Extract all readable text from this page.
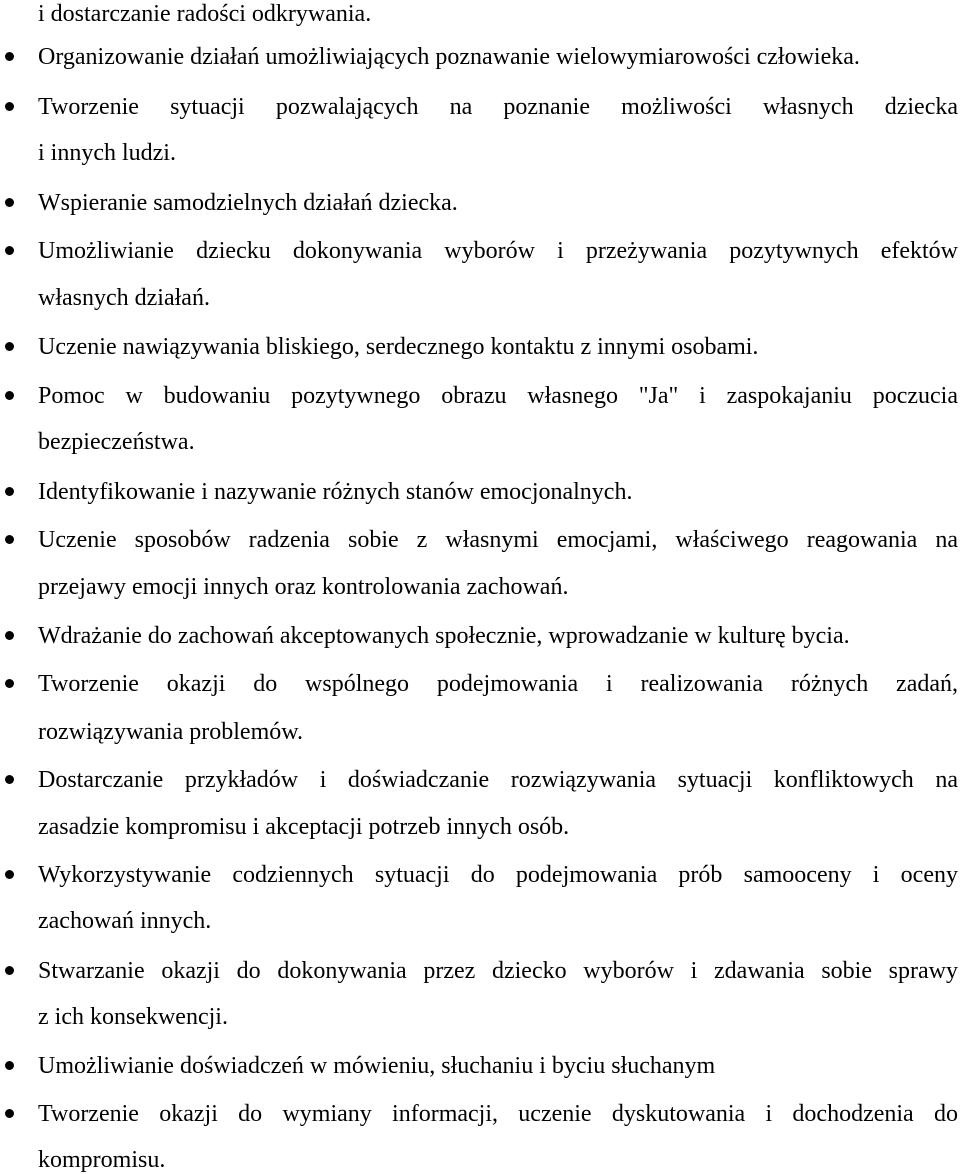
i dostarczanie radości odkrywania.
Organizowanie działań umożliwiających poznawanie wielowymiarowości człowieka.
Tworzenie sytuacji pozwalających na poznanie możliwości własnych dziecka
i innych ludzi.
Wspieranie samodzielnych działań dziecka.
Umożliwianie dziecku dokonywania wyborów i przeżywania pozytywnych efektów
własnych działań.
Uczenie nawiązywania bliskiego, serdecznego kontaktu z innymi osobami.
Pomoc w budowaniu pozytywnego obrazu własnego "Ja" i zaspokajaniu poczucia
bezpieczeństwa.
Identyfikowanie i nazywanie różnych stanów emocjonalnych.
Uczenie sposobów radzenia sobie z własnymi emocjami, właściwego reagowania na
przejawy emocji innych oraz kontrolowania zachowań.
Wdrażanie do zachowań akceptowanych społecznie, wprowadzanie w kulturę bycia.
Tworzenie okazji do wspólnego podejmowania i realizowania różnych zadań,
rozwiązywania problemów.
Dostarczanie przykładów i doświadczanie rozwiązywania sytuacji konfliktowych na
zasadzie kompromisu i akceptacji potrzeb innych osób.
Wykorzystywanie codziennych sytuacji do podejmowania prób samooceny i oceny
zachowań innych.
Stwarzanie okazji do dokonywania przez dziecko wyborów i zdawania sobie sprawy
z ich konsekwencji.
Umożliwianie doświadczeń w mówieniu, słuchaniu i byciu słuchanym
Tworzenie okazji do wymiany informacji, uczenie dyskutowania i dochodzenia do
kompromisu.
